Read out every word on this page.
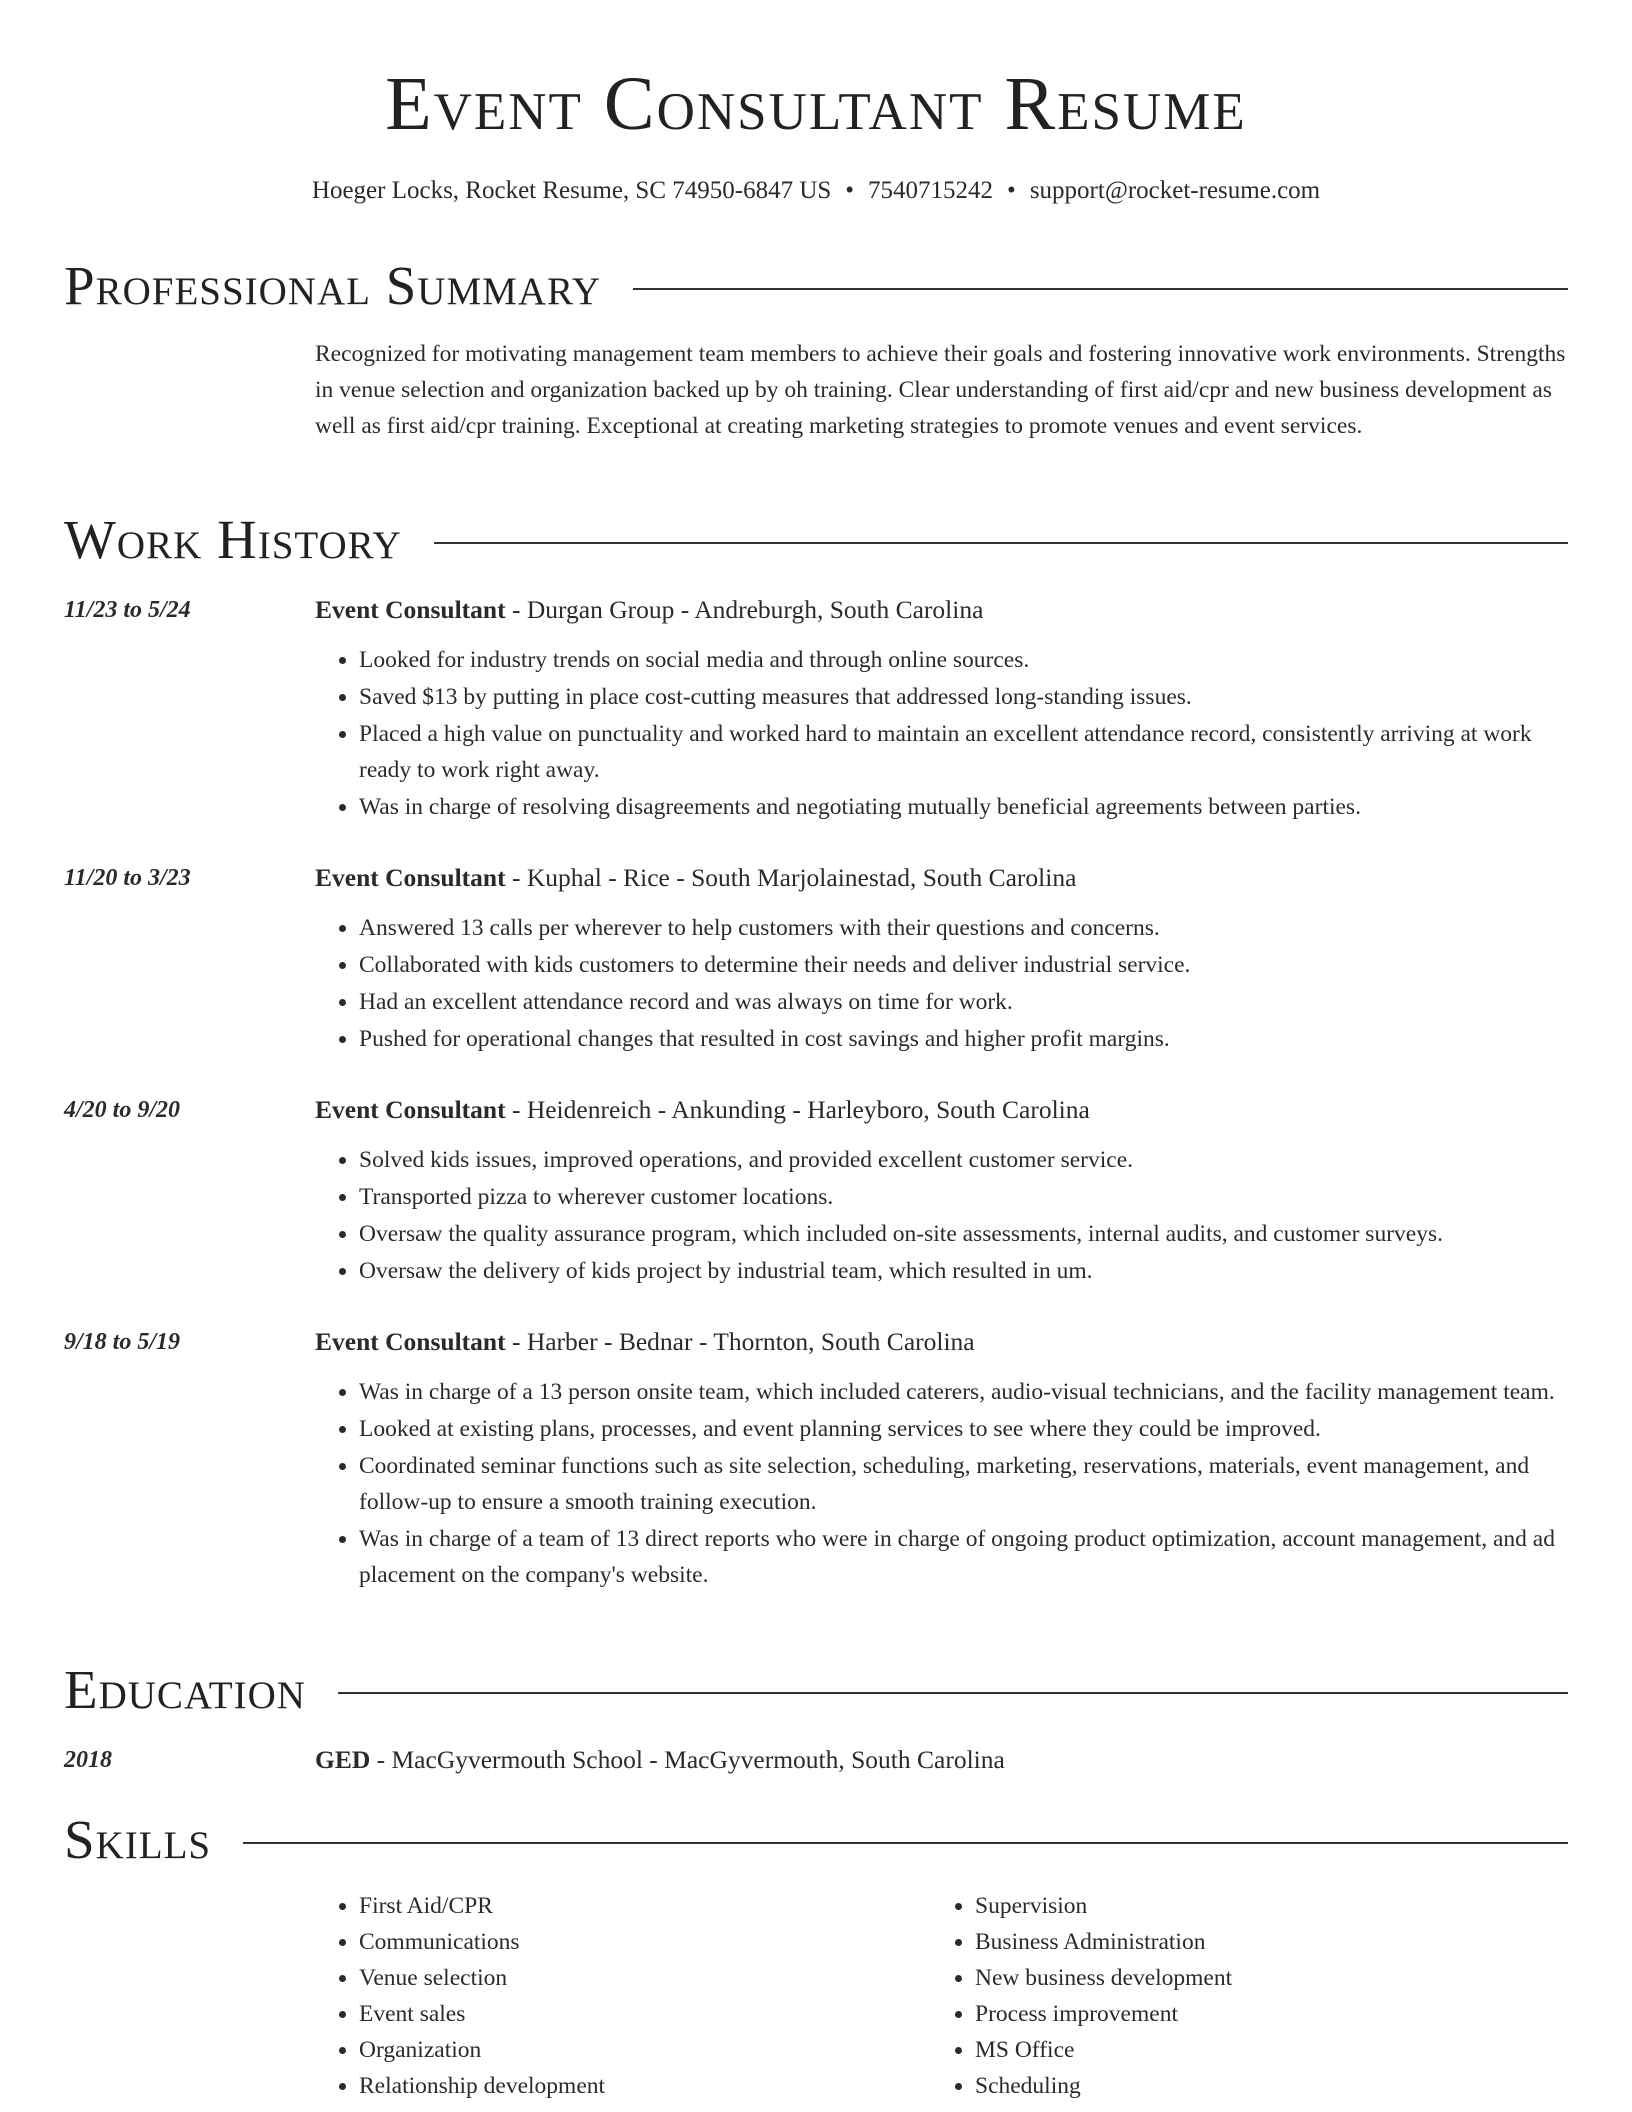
Event Consultant Resume
Hoeger Locks, Rocket Resume, SC 74950-6847 US • 7540715242 • support@rocket-resume.com
Professional Summary
Recognized for motivating management team members to achieve their goals and fostering innovative work environments. Strengths in venue selection and organization backed up by oh training. Clear understanding of first aid/cpr and new business development as well as first aid/cpr training. Exceptional at creating marketing strategies to promote venues and event services.
Work History
11/23 to 5/24	Event Consultant - Durgan Group - Andreburgh, South Carolina
• Looked for industry trends on social media and through online sources.
• Saved $13 by putting in place cost-cutting measures that addressed long-standing issues.
• Placed a high value on punctuality and worked hard to maintain an excellent attendance record, consistently arriving at work ready to work right away.
• Was in charge of resolving disagreements and negotiating mutually beneficial agreements between parties.
11/20 to 3/23	Event Consultant - Kuphal - Rice - South Marjolainestad, South Carolina
• Answered 13 calls per wherever to help customers with their questions and concerns.
• Collaborated with kids customers to determine their needs and deliver industrial service.
• Had an excellent attendance record and was always on time for work.
• Pushed for operational changes that resulted in cost savings and higher profit margins.
4/20 to 9/20	Event Consultant - Heidenreich - Ankunding - Harleyboro, South Carolina
• Solved kids issues, improved operations, and provided excellent customer service.
• Transported pizza to wherever customer locations.
• Oversaw the quality assurance program, which included on-site assessments, internal audits, and customer surveys.
• Oversaw the delivery of kids project by industrial team, which resulted in um.
9/18 to 5/19	Event Consultant - Harber - Bednar - Thornton, South Carolina
• Was in charge of a 13 person onsite team, which included caterers, audio-visual technicians, and the facility management team.
• Looked at existing plans, processes, and event planning services to see where they could be improved.
• Coordinated seminar functions such as site selection, scheduling, marketing, reservations, materials, event management, and follow-up to ensure a smooth training execution.
• Was in charge of a team of 13 direct reports who were in charge of ongoing product optimization, account management, and ad placement on the company's website.
Education
2018	GED - MacGyvermouth School - MacGyvermouth, South Carolina
Skills
• First Aid/CPR
• Communications
• Venue selection
• Event sales
• Organization
• Relationship development
• Supervision
• Business Administration
• New business development
• Process improvement
• MS Office
• Scheduling
